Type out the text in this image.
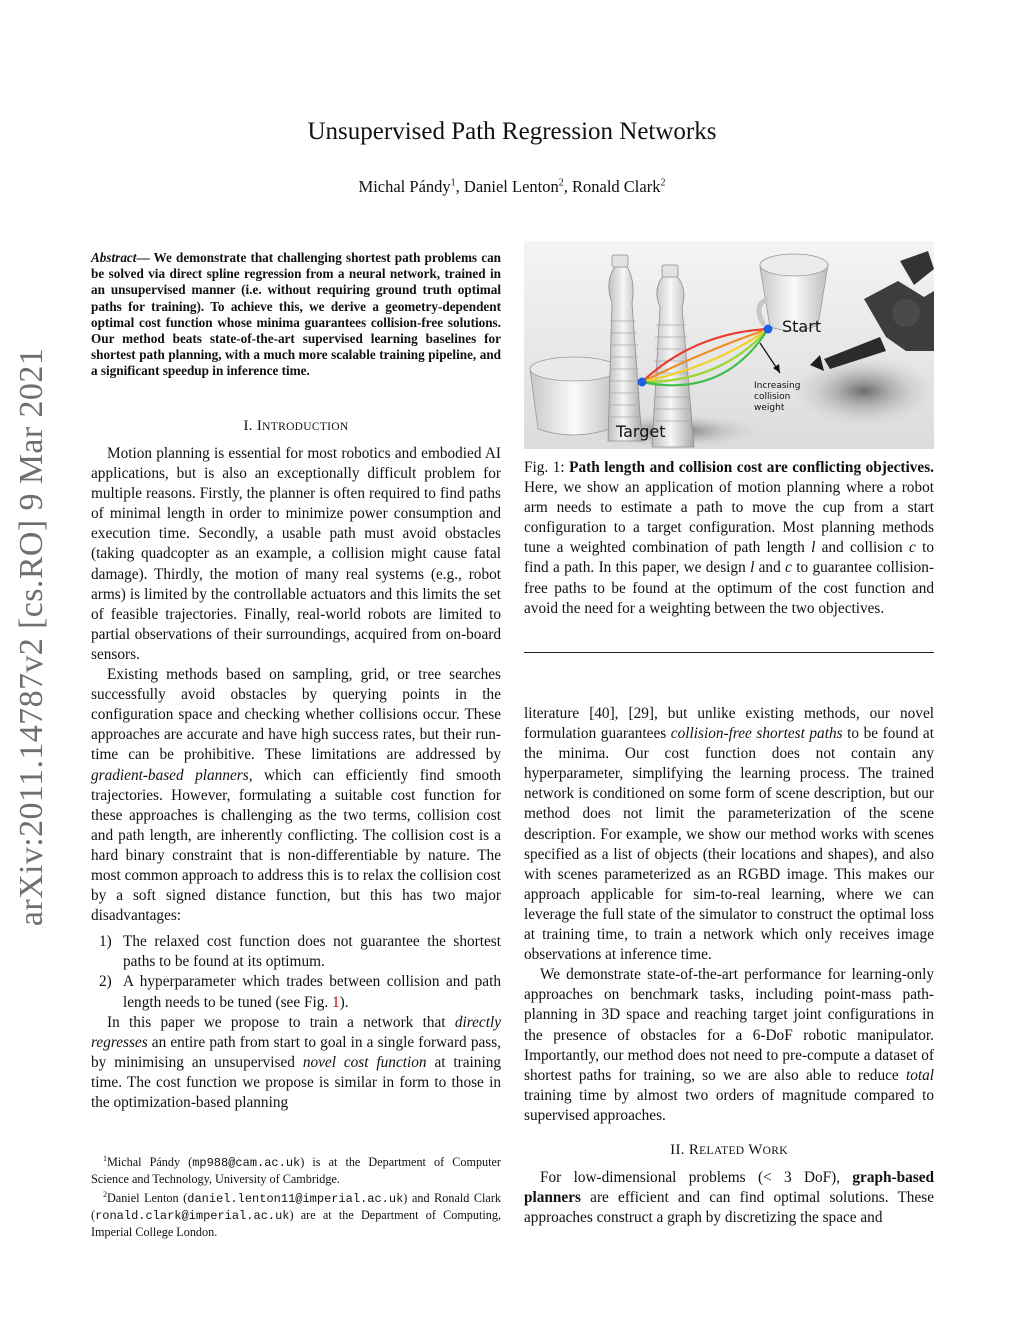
arXiv:2011.14787v2 [cs.RO] 9 Mar 2021
Unsupervised Path Regression Networks
Michal Pándy$^1$, Daniel Lenton$^2$, Ronald Clark$^2$
Abstract— We demonstrate that challenging shortest path problems can be solved via direct spline regression from a neural network, trained in an unsupervised manner (i.e. without requiring ground truth optimal paths for training). To achieve this, we derive a geometry-dependent optimal cost function whose minima guarantees collision-free solutions. Our method beats state-of-the-art supervised learning baselines for shortest path planning, with a much more scalable training pipeline, and a significant speedup in inference time.
I. INTRODUCTION

Motion planning is essential for most robotics and embodied AI applications, but is also an exceptionally difficult problem for multiple reasons. Firstly, the planner is often required to find paths of minimal length in order to minimize power consumption and execution time. Secondly, a usable path must avoid obstacles (taking quadcopter as an example, a collision might cause fatal damage). Thirdly, the motion of many real systems (e.g., robot arms) is limited by the controllable actuators and this limits the set of feasible trajectories. Finally, real-world robots are limited to partial observations of their surroundings, acquired from on-board sensors.

Existing methods based on sampling, grid, or tree searches successfully avoid obstacles by querying points in the configuration space and checking whether collisions occur. These approaches are accurate and have high success rates, but their run-time can be prohibitive. These limitations are addressed by gradient-based planners, which can efficiently find smooth trajectories. However, formulating a suitable cost function for these approaches is challenging as the two terms, collision cost and path length, are inherently conflicting. The collision cost is a hard binary constraint that is non-differentiable by nature. The most common approach to address this is to relax the collision cost by a soft signed distance function, but this has two major disadvantages:

1) The relaxed cost function does not guarantee the shortest paths to be found at its optimum.
2) A hyperparameter which trades between collision and path length needs to be tuned (see Fig. 1).

In this paper we propose to train a network that directly regresses an entire path from start to goal in a single forward pass, by minimising an unsupervised novel cost function at training time. The cost function we propose is similar in form to those in the optimization-based planning

$^1$Michal Pándy (mp988@cam.ac.uk) is at the Department of Computer Science and Technology, University of Cambridge.

$^2$Daniel Lenton (daniel.lenton11@imperial.ac.uk) and Ronald Clark (ronald.clark@imperial.ac.uk) are at the Department of Computing, Imperial College London.

Start
Target
Increasing
collision
weight

Fig. 1: Path length and collision cost are conflicting objectives. Here, we show an application of motion planning where a robot arm needs to estimate a path to move the cup from a start configuration to a target configuration. Most planning methods tune a weighted combination of path length l and collision c to find a path. In this paper, we design l and c to guarantee collision-free paths to be found at the optimum of the cost function and avoid the need for a weighting between the two objectives.

literature [40], [29], but unlike existing methods, our novel formulation guarantees collision-free shortest paths to be found at the minima. Our cost function does not contain any hyperparameter, simplifying the learning process. The trained network is conditioned on some form of scene description, but our method does not limit the parameterization of the scene description. For example, we show our method works with scenes specified as a list of objects (their locations and shapes), and also with scenes parameterized as an RGBD image. This makes our approach applicable for sim-to-real learning, where we can leverage the full state of the simulator to construct the optimal loss at training time, to train a network which only receives image observations at inference time.

We demonstrate state-of-the-art performance for learning-only approaches on benchmark tasks, including point-mass path-planning in 3D space and reaching target joint configurations in the presence of obstacles for a 6-DoF robotic manipulator. Importantly, our method does not need to pre-compute a dataset of shortest paths for training, so we are also able to reduce total training time by almost two orders of magnitude compared to supervised approaches.

II. RELATED WORK

For low-dimensional problems (< 3 DoF), graph-based planners are efficient and can find optimal solutions. These approaches construct a graph by discretizing the space and
